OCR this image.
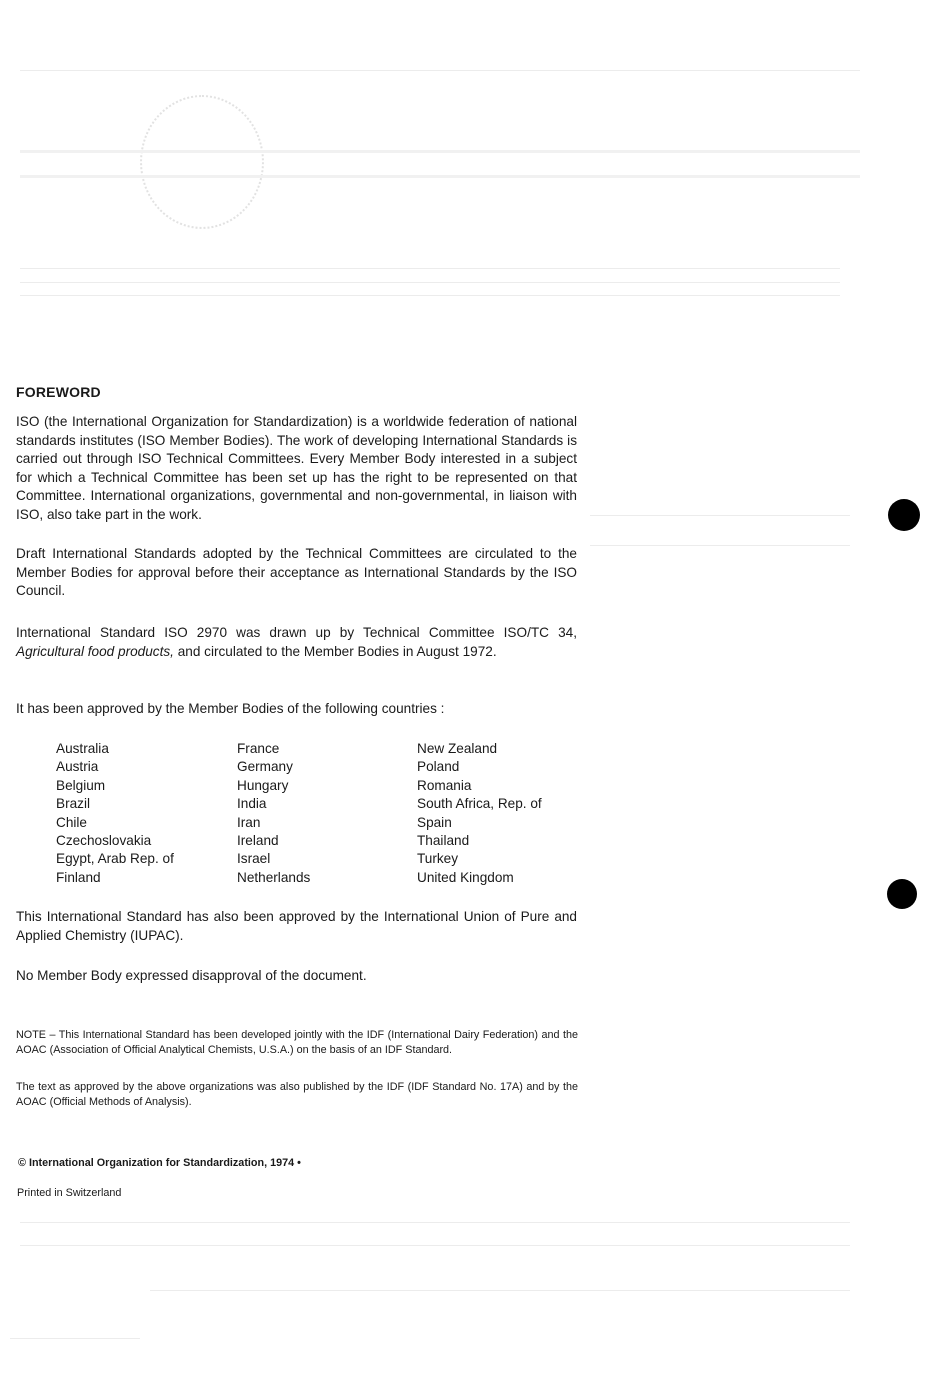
FOREWORD

ISO (the International Organization for Standardization) is a worldwide federation of national standards institutes (ISO Member Bodies). The work of developing International Standards is carried out through ISO Technical Committees. Every Member Body interested in a subject for which a Technical Committee has been set up has the right to be represented on that Committee. International organizations, governmental and non-governmental, in liaison with ISO, also take part in the work.

Draft International Standards adopted by the Technical Committees are circulated to the Member Bodies for approval before their acceptance as International Standards by the ISO Council.

International Standard ISO 2970 was drawn up by Technical Committee ISO/TC 34, Agricultural food products, and circulated to the Member Bodies in August 1972.

It has been approved by the Member Bodies of the following countries :

Australia
Austria
Belgium
Brazil
Chile
Czechoslovakia
Egypt, Arab Rep. of
Finland
France
Germany
Hungary
India
Iran
Ireland
Israel
Netherlands
New Zealand
Poland
Romania
South Africa, Rep. of
Spain
Thailand
Turkey
United Kingdom

This International Standard has also been approved by the International Union of Pure and Applied Chemistry (IUPAC).

No Member Body expressed disapproval of the document.

NOTE – This International Standard has been developed jointly with the IDF (International Dairy Federation) and the AOAC (Association of Official Analytical Chemists, U.S.A.) on the basis of an IDF Standard.

The text as approved by the above organizations was also published by the IDF (IDF Standard No. 17A) and by the AOAC (Official Methods of Analysis).

© International Organization for Standardization, 1974 •
Printed in Switzerland
